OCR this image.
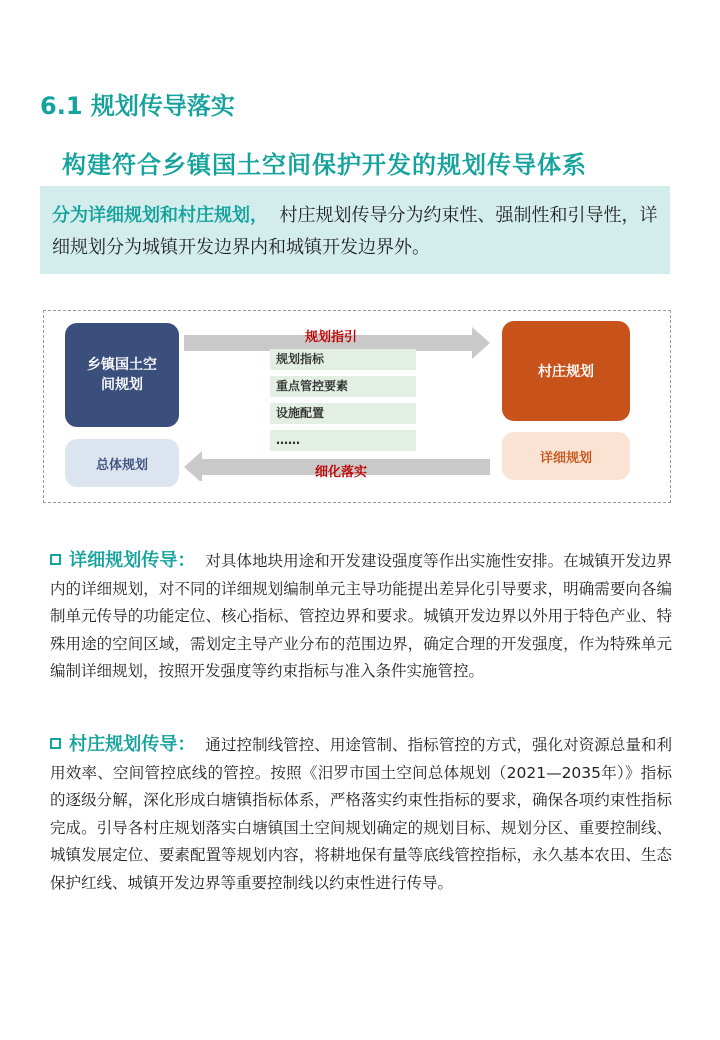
6.1 规划传导落实
构建符合乡镇国土空间保护开发的规划传导体系
分为详细规划和村庄规划， 村庄规划传导分为约束性、强制性和引导性，详细规划分为城镇开发边界内和城镇开发边界外。
乡镇国土空间规划
总体规划
村庄规划
详细规划
规划指引
细化落实
规划指标
重点管控要素
设施配置
……
详细规划传导： 对具体地块用途和开发建设强度等作出实施性安排。在城镇开发边界内的详细规划，对不同的详细规划编制单元主导功能提出差异化引导要求，明确需要向各编制单元传导的功能定位、核心指标、管控边界和要求。城镇开发边界以外用于特色产业、特殊用途的空间区域，需划定主导产业分布的范围边界，确定合理的开发强度，作为特殊单元编制详细规划，按照开发强度等约束指标与准入条件实施管控。
村庄规划传导： 通过控制线管控、用途管制、指标管控的方式，强化对资源总量和利用效率、空间管控底线的管控。按照《汨罗市国土空间总体规划（2021—2035年）》指标的逐级分解，深化形成白塘镇指标体系，严格落实约束性指标的要求，确保各项约束性指标完成。引导各村庄规划落实白塘镇国土空间规划确定的规划目标、规划分区、重要控制线、城镇发展定位、要素配置等规划内容，将耕地保有量等底线管控指标，永久基本农田、生态保护红线、城镇开发边界等重要控制线以约束性进行传导。
